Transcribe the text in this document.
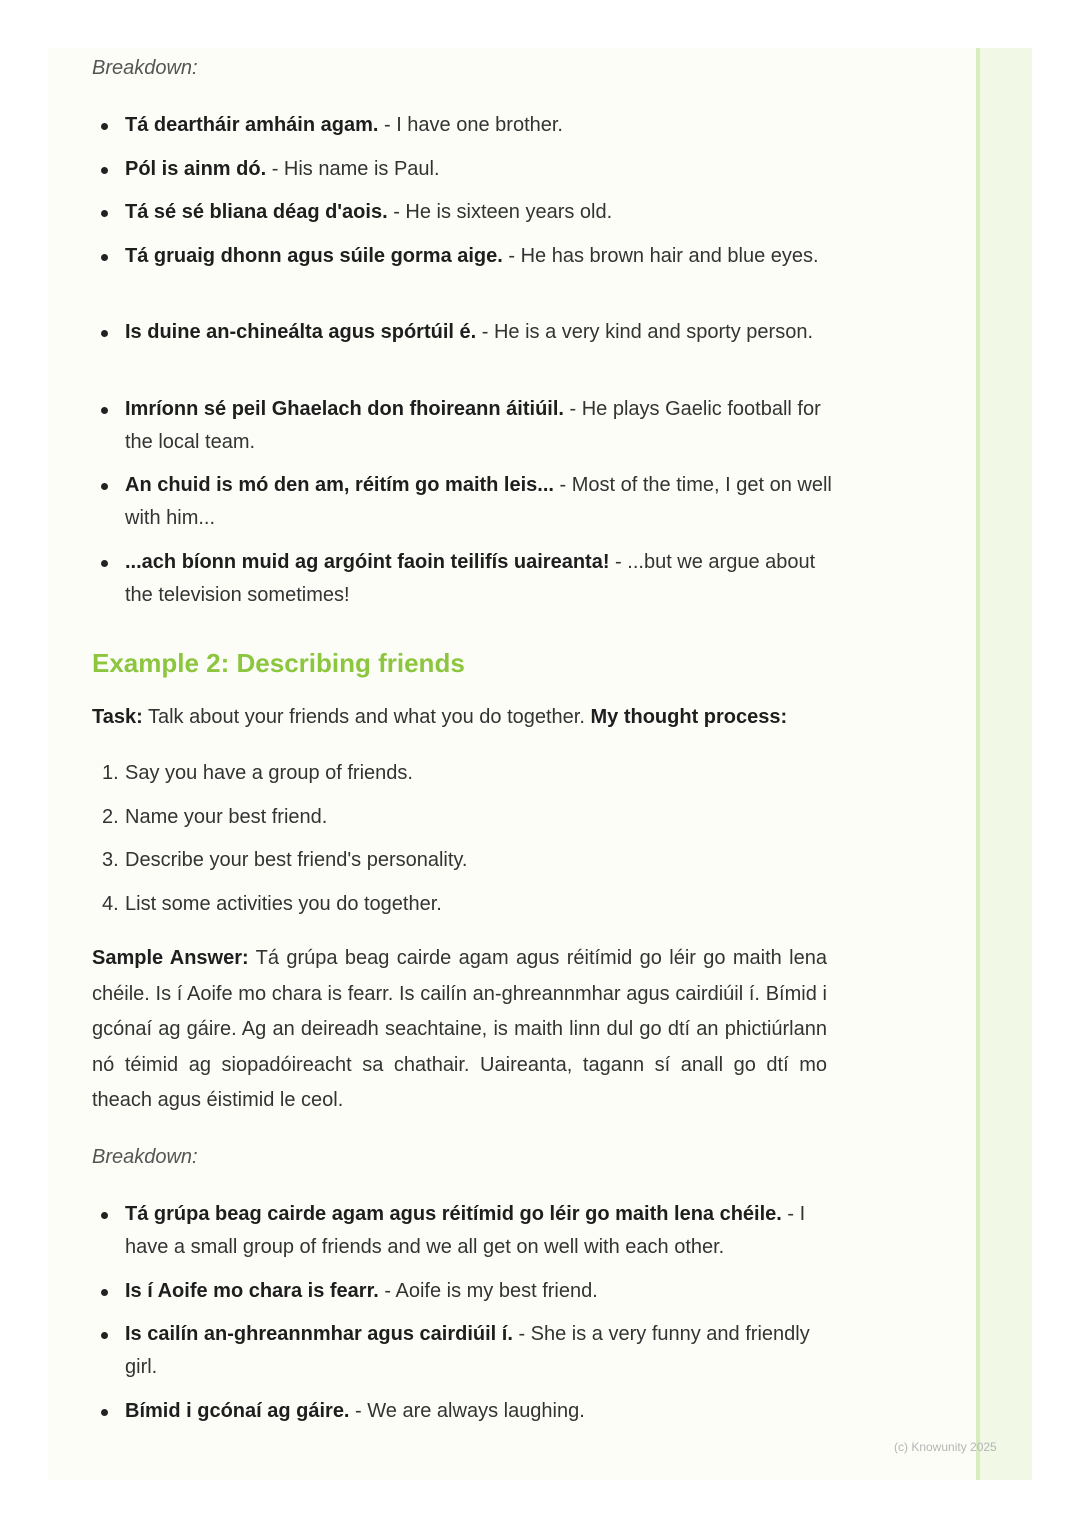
Breakdown:
Tá deartháir amháin agam. - I have one brother.
Pól is ainm dó. - His name is Paul.
Tá sé sé bliana déag d'aois. - He is sixteen years old.
Tá gruaig dhonn agus súile gorma aige. - He has brown hair and blue eyes.
Is duine an-chineálta agus spórtúil é. - He is a very kind and sporty person.
Imríonn sé peil Ghaelach don fhoireann áitiúil. - He plays Gaelic football for the local team.
An chuid is mó den am, réitím go maith leis... - Most of the time, I get on well with him...
...ach bíonn muid ag argóint faoin teilifís uaireanta! - ...but we argue about the television sometimes!
Example 2: Describing friends
Task: Talk about your friends and what you do together. My thought process:
1. Say you have a group of friends.
2. Name your best friend.
3. Describe your best friend's personality.
4. List some activities you do together.
Sample Answer: Tá grúpa beag cairde agam agus réitímid go léir go maith lena chéile. Is í Aoife mo chara is fearr. Is cailín an-ghreannmhar agus cairdiúil í. Bímid i gcónaí ag gáire. Ag an deireadh seachtaine, is maith linn dul go dtí an phictiúrlann nó téimid ag siopadóireacht sa chathair. Uaireanta, tagann sí anall go dtí mo theach agus éistimid le ceol.
Breakdown:
Tá grúpa beag cairde agam agus réitímid go léir go maith lena chéile. - I have a small group of friends and we all get on well with each other.
Is í Aoife mo chara is fearr. - Aoife is my best friend.
Is cailín an-ghreannmhar agus cairdiúil í. - She is a very funny and friendly girl.
Bímid i gcónaí ag gáire. - We are always laughing.
(c) Knowunity 2025
